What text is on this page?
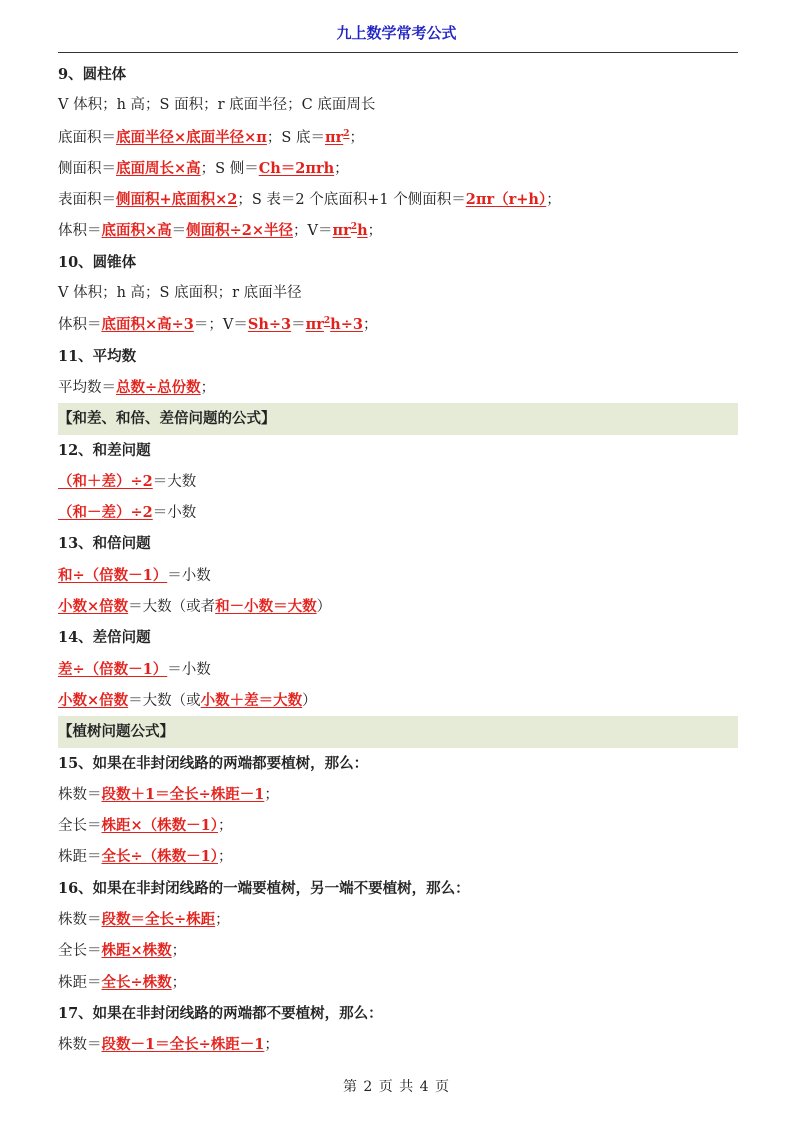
九上数学常考公式
9、圆柱体
V 体积；h 高；S 面积；r 底面半径；C 底面周长
底面积＝底面半径×底面半径×π；S 底$=\pi r^2$；
侧面积＝底面周长×高；S 侧＝Ch＝2πrh；
表面积＝侧面积+底面积×2；S 表＝2 个底面积+1 个侧面积＝2πr（r+h）；
体积＝底面积×高＝侧面积÷2×半径；$V=\pi r^2h$；
10、圆锥体
V 体积；h 高；S 底面积；r 底面半径
体积＝底面积×高÷3＝；$V=Sh\div 3=\pi r^2h\div 3$；
11、平均数
平均数＝总数÷总份数；
【和差、和倍、差倍问题的公式】
12、和差问题
（和＋差）÷2＝大数
（和－差）÷2＝小数
13、和倍问题
和÷（倍数－1）＝小数
小数×倍数＝大数（或者和－小数＝大数）
14、差倍问题
差÷（倍数－1）＝小数
小数×倍数＝大数（或小数＋差＝大数）
【植树问题公式】
15、如果在非封闭线路的两端都要植树，那么：
株数＝段数＋1＝全长÷株距－1；
全长＝株距×（株数－1）；
株距＝全长÷（株数－1）；
16、如果在非封闭线路的一端要植树，另一端不要植树，那么：
株数＝段数＝全长÷株距；
全长＝株距×株数；
株距＝全长÷株数；
17、如果在非封闭线路的两端都不要植树，那么：
株数＝段数－1＝全长÷株距－1；
第 2 页 共 4 页
